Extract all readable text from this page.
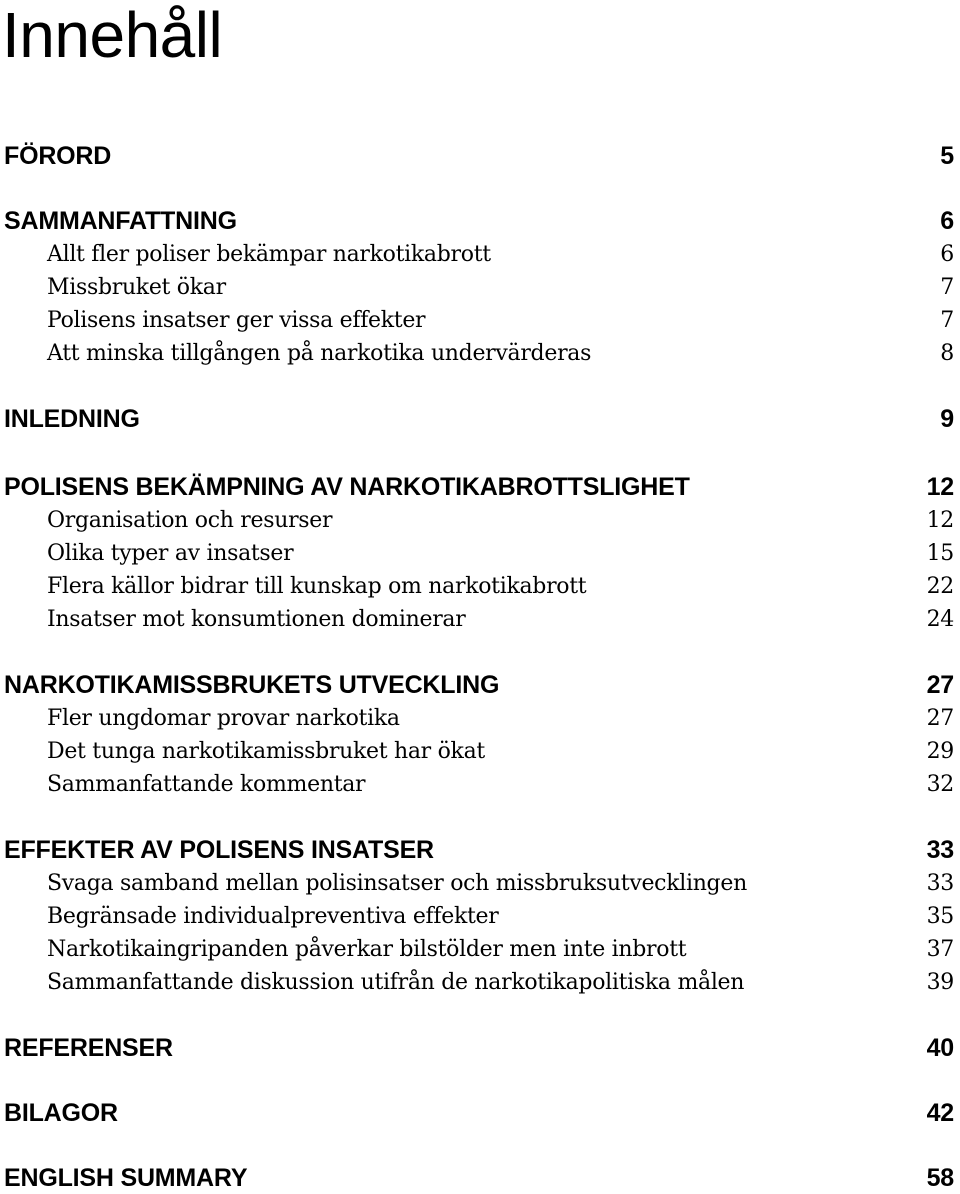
Innehåll
FÖRORD	5
SAMMANFATTNING	6
Allt fler poliser bekämpar narkotikabrott	6
Missbruket ökar	7
Polisens insatser ger vissa effekter	7
Att minska tillgången på narkotika undervärderas	8
INLEDNING	9
POLISENS BEKÄMPNING AV NARKOTIKABROTTSLIGHET	12
Organisation och resurser	12
Olika typer av insatser	15
Flera källor bidrar till kunskap om narkotikabrott	22
Insatser mot konsumtionen dominerar	24
NARKOTIKAMISSBRUKETS UTVECKLING	27
Fler ungdomar provar narkotika	27
Det tunga narkotikamissbruket har ökat	29
Sammanfattande kommentar	32
EFFEKTER AV POLISENS INSATSER	33
Svaga samband mellan polisinsatser och missbruksutvecklingen	33
Begränsade individualpreventiva effekter	35
Narkotikaingripanden påverkar bilstölder men inte inbrott	37
Sammanfattande diskussion utifrån de narkotikapolitiska målen	39
REFERENSER	40
BILAGOR	42
ENGLISH SUMMARY	58
